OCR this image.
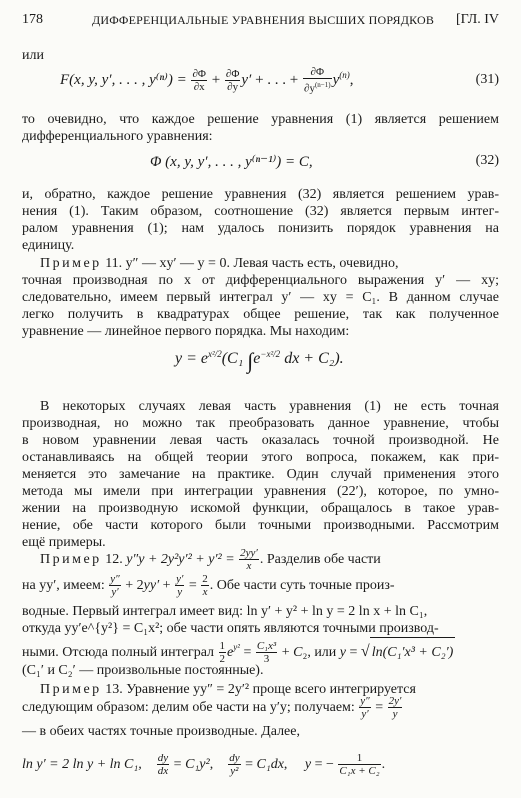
178	ДИФФЕРЕНЦИАЛЬНЫЕ УРАВНЕНИЯ ВЫСШИХ ПОРЯДКОВ [ГЛ. IV
или
F(x, y, y′, . . . , $y^{(n)}) = \frac{\partial\Phi}{\partial x} + \frac{\partial\Phi}{\partial y} y'$ + . . . + $\frac{\partial\Phi}{\partial y^{(n-1)}} y^{(n)}$,	(31)
то очевидно, что каждое решение уравнения (1) является решением
дифференциального уравнения:
Φ (x, y, y′, . . . , y⁽ⁿ⁻¹⁾) = C,	(32)
и, обратно, каждое решение уравнения (32) является решением урав-
нения (1). Таким образом, соотношение (32) является первым интег-
ралом уравнения (1); нам удалось понизить порядок уравнения на
единицу.
Пример 11. y″ — xy′ — y = 0. Левая часть есть, очевидно,
точная производная по x от дифференциального выражения y′ — xy;
следовательно, имеем первый интеграл y′ — xy = C₁. В данном случае
легко получить в квадратурах общее решение, так как полученное
уравнение — линейное первого порядка. Мы находим:
$y = e^{x^2/2}(C_1$ $\int e^{-x^2/2}$ dx + C₂).
В некоторых случаях левая часть уравнения (1) не есть точная
производная, но можно так преобразовать данное уравнение, чтобы
в новом уравнении левая часть оказалась точной производной. Не
останавливаясь на общей теории этого вопроса, покажем, как при-
меняется это замечание на практике. Один случай применения этого
метода мы имели при интеграции уравнения (22′), которое, по умно-
жении на производную искомой функции, обращалось в такое урав-
нение, обе части которого были точными производными. Рассмотрим
ещё примеры.
Пример 12. $y''y + 2y^2y'^2 + y'^2 = \frac{2yy'}{x}$ . Разделив обе части
на yy′, имеем: $\frac{y''}{y'} + 2yy' + \frac{y'}{y} = \frac{2}{x}$ . Обе части суть точные произ-
водные. Первый интеграл имеет вид: ln y′ + y² + ln y = 2 ln x + ln C₁,
откуда yy′e^{y²} = C₁x²; обе части опять являются точными производ-
ными. Отсюда полный интеграл $\frac{1}{2} e^{y^2} = \frac{\text{C₁x³}}{3} + C_2$, или y = √ ln(C₁′x³ + C₂′)
(C₁′ и C₂′ — произвольные постоянные).
Пример 13. Уравнение yy″ = 2y′² проще всего интегрируется
следующим образом: делим обе части на y′y; получаем: $\frac{y''}{y'} = \frac{2y'}{y}$
— в обеих частях точные производные. Далее,
ln y′ = 2 ln y + ln C₁, $\frac{dy}{dx} = C_1y^2$, $\frac{dy}{\text{y²}} = C_1dx$,     y = − $\frac{1}{\text{C₁x + C₂}}$ .
